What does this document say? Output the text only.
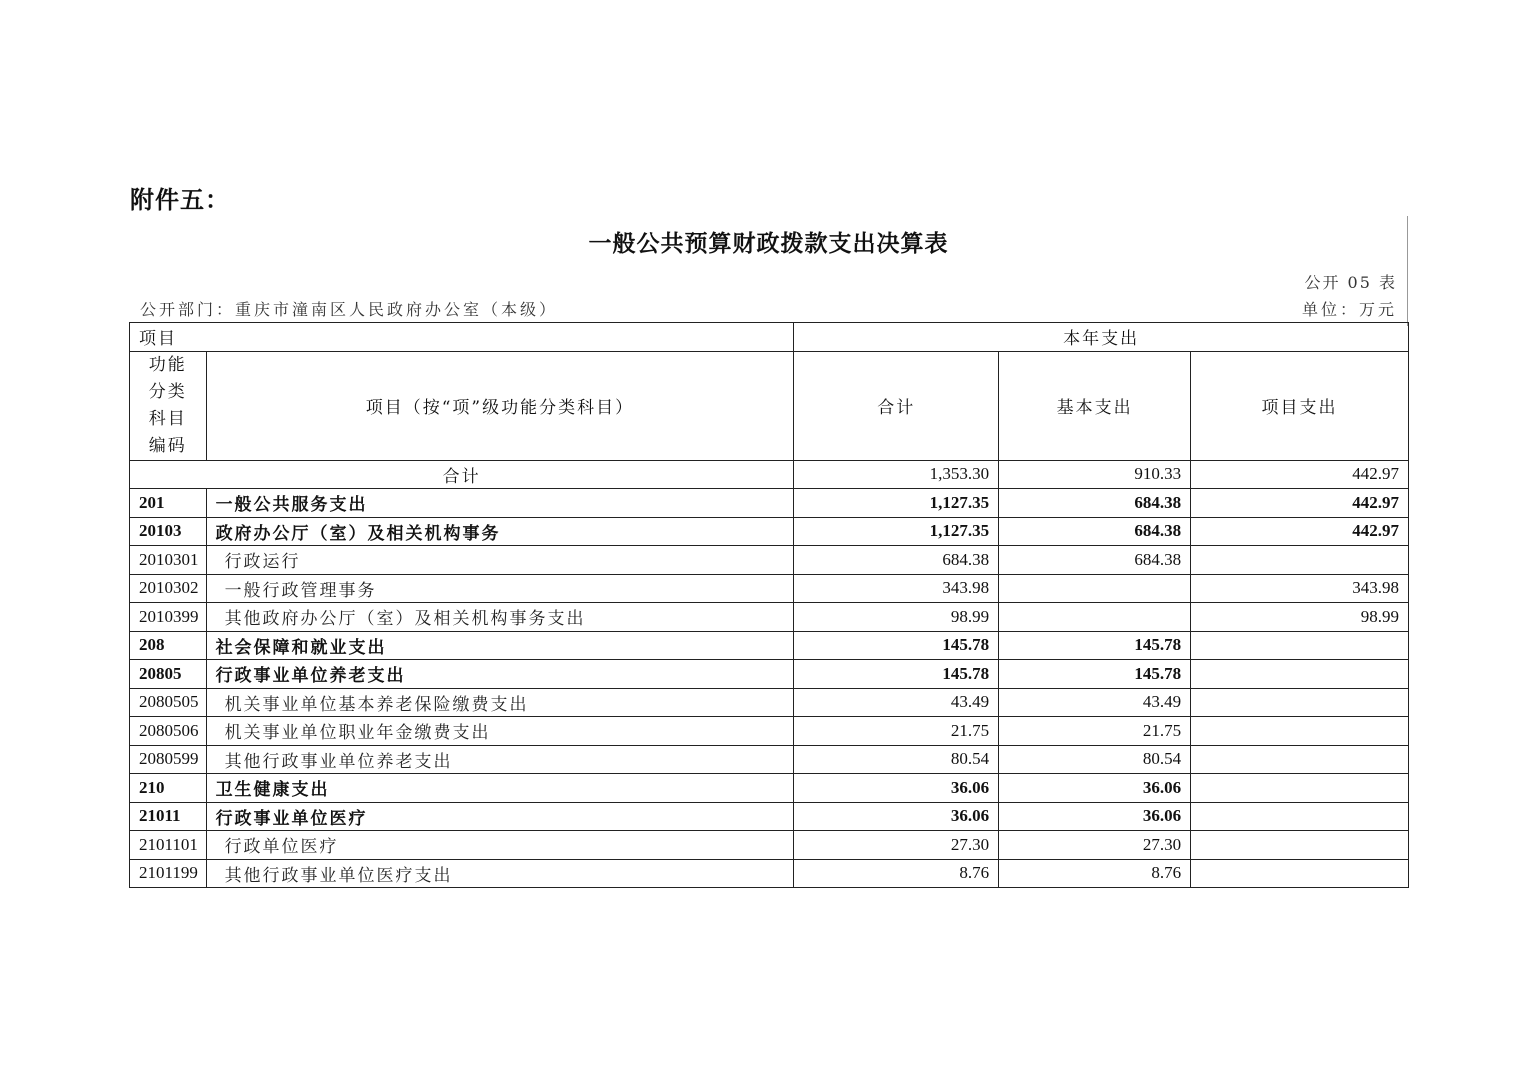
附件五：
一般公共预算财政拨款支出决算表
公开 05 表
公开部门：重庆市潼南区人民政府办公室（本级）	单位：万元
项目		本年支出		
功能分类科目编码	项目（按“项”级功能分类科目）	合计	基本支出	项目支出
合计		1,353.30	910.33	442.97
201	一般公共服务支出	1,127.35	684.38	442.97
20103	政府办公厅（室）及相关机构事务	1,127.35	684.38	442.97
2010301	行政运行	684.38	684.38	
2010302	一般行政管理事务	343.98		343.98
2010399	其他政府办公厅（室）及相关机构事务支出	98.99		98.99
208	社会保障和就业支出	145.78	145.78	
20805	行政事业单位养老支出	145.78	145.78	
2080505	机关事业单位基本养老保险缴费支出	43.49	43.49	
2080506	机关事业单位职业年金缴费支出	21.75	21.75	
2080599	其他行政事业单位养老支出	80.54	80.54	
210	卫生健康支出	36.06	36.06	
21011	行政事业单位医疗	36.06	36.06	
2101101	行政单位医疗	27.30	27.30	
2101199	其他行政事业单位医疗支出	8.76	8.76	
